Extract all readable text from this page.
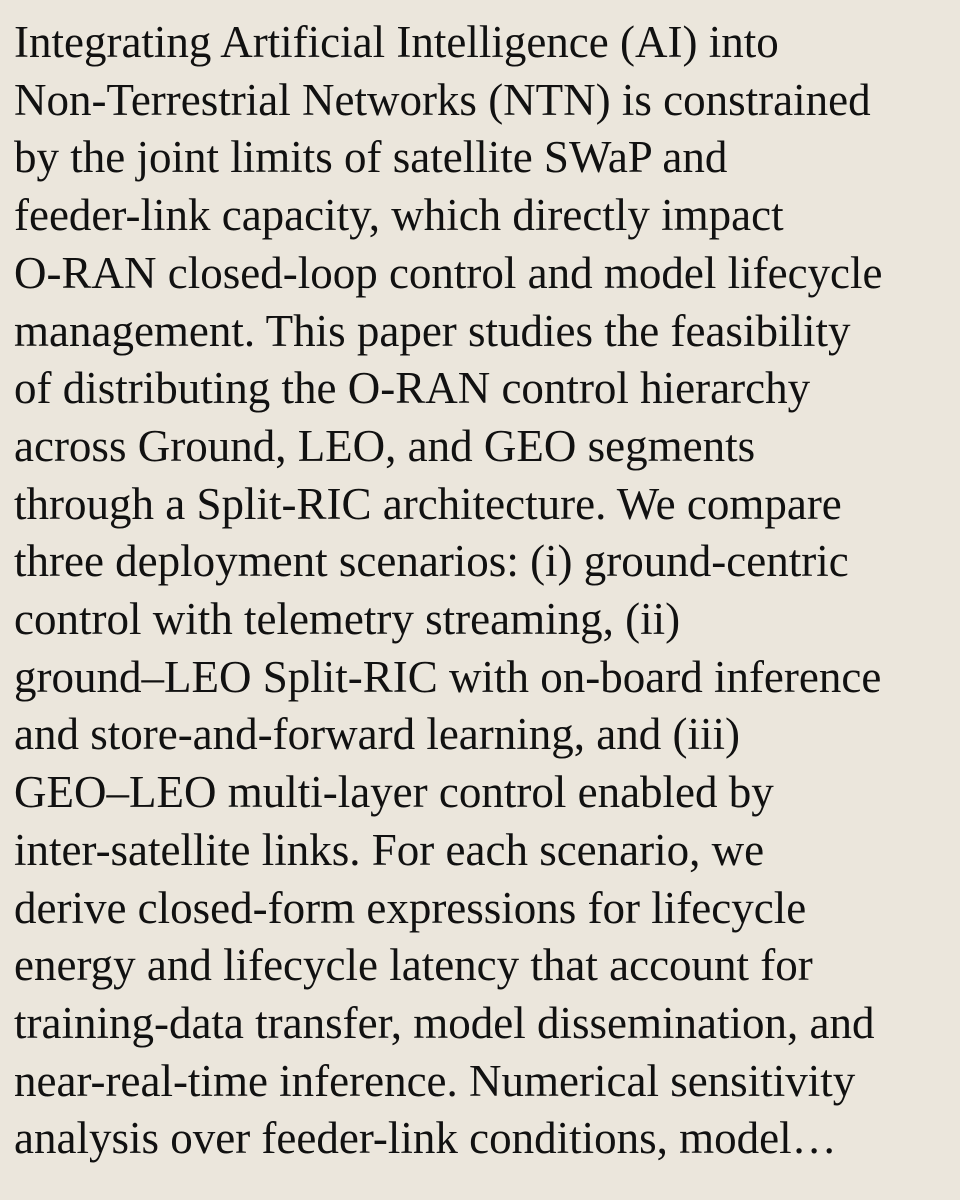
Integrating Artificial Intelligence (AI) into
Non-Terrestrial Networks (NTN) is constrained
by the joint limits of satellite SWaP and
feeder-link capacity, which directly impact
O-RAN closed-loop control and model lifecycle
management. This paper studies the feasibility
of distributing the O-RAN control hierarchy
across Ground, LEO, and GEO segments
through a Split-RIC architecture. We compare
three deployment scenarios: (i) ground-centric
control with telemetry streaming, (ii)
ground–LEO Split-RIC with on-board inference
and store-and-forward learning, and (iii)
GEO–LEO multi-layer control enabled by
inter-satellite links. For each scenario, we
derive closed-form expressions for lifecycle
energy and lifecycle latency that account for
training-data transfer, model dissemination, and
near-real-time inference. Numerical sensitivity
analysis over feeder-link conditions, model…
